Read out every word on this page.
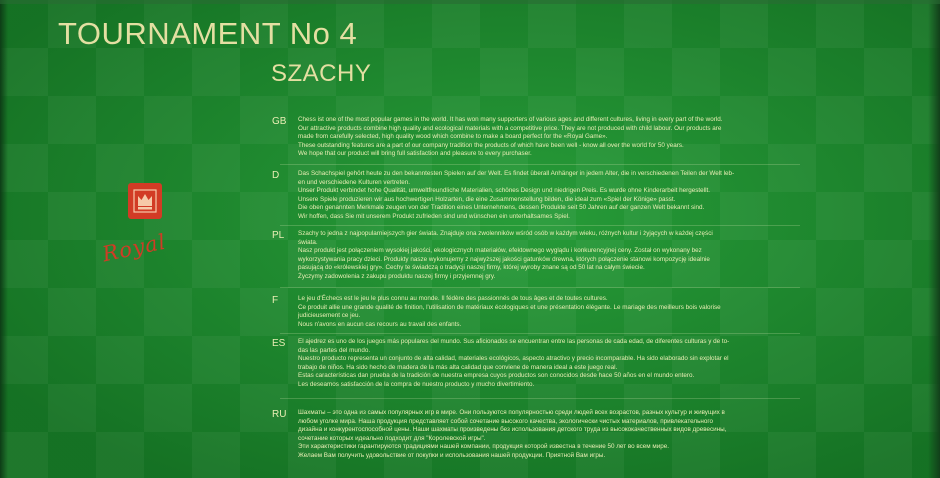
TOURNAMENT No 4
SZACHY
Royal
GB Chess ist one of the most popular games in the world. It has won many supporters of various ages and different cultures, living in every part of the world.
Our attractive products combine high quality and ecological materials with a competitive price. They are not produced with child labour. Our products are
made from carefully selected, high quality wood which combine to make a board perfect for the «Royal Game».
These outstanding features are a part of our company tradition the products of which have been well - know all over the world for 50 years.
We hope that our product will bring full satisfaction and pleasure to every purchaser.
D	Das Schachspiel gehört heute zu den bekanntesten Spielen auf der Welt. Es findet überall Anhänger in jedem Alter, die in verschiedenen Teilen der Welt leb-
en und verschiedene Kulturen vertreten.
Unser Produkt verbindet hohe Qualität, umweltfreundliche Materialien, schönes Design und niedrigen Preis. Es wurde ohne Kinderarbeit hergestellt.
Unsere Spiele produzieren wir aus hochwertigen Holzarten, die eine Zusammenstellung bilden, die ideal zum «Spiel der Könige» passt.
Die oben genannten Merkmale zeugen von der Tradition eines Unternehmens, dessen Produkte seit 50 Jahren auf der ganzen Welt bekannt sind.
Wir hoffen, dass Sie mit unserem Produkt zufrieden sind und wünschen ein unterhaltsames Spiel.
PL Szachy to jedna z najpopularniejszych gier świata. Znajduje ona zwolenników wśród osób w każdym wieku, różnych kultur i żyjących w każdej części
świata.
Nasz produkt jest połączeniem wysokiej jakości, ekologicznych materiałów, efektownego wyglądu i konkurencyjnej ceny. Został on wykonany bez
wykorzystywania pracy dzieci. Produkty nasze wykonujemy z najwyższej jakości gatunków drewna, których połączenie stanowi kompozycję idealnie
pasującą do «królewskiej gry». Cechy te świadczą o tradycji naszej firmy, której wyroby znane są od 50 lat na całym świecie.
Życzymy zadowolenia z zakupu produktu naszej firmy i przyjemnej gry.
F	Le jeu d'Échecs est le jeu le plus connu au monde. Il fédère des passionnés de tous âges et de toutes cultures.
Ce produit allie une grande qualité de finition, l'utilisation de matériaux écologiques et une présentation élégante. Le mariage des meilleurs bois valorise
judicieusement ce jeu.
Nous n'avons en aucun cas recours au travail des enfants.
ES El ajedrez es uno de los juegos más populares del mundo. Sus aficionados se encuentran entre las personas de cada edad, de diferentes culturas y de to-
das las partes del mundo.
Nuestro producto representa un conjunto de alta calidad, materiales ecológicos, aspecto atractivo y precio incomparable. Ha sido elaborado sin explotar el
trabajo de niños. Ha sido hecho de madera de la más alta calidad que conviene de manera ideal a este juego real.
Estas características dan prueba de la tradición de nuestra empresa cuyos productos son conocidos desde hace 50 años en el mundo entero.
Les deseamos satisfacción de la compra de nuestro producto y mucho divertimiento.
RU Шахматы – это одна из самых популярных игр в мире. Они пользуются популярностью среди людей всех возрастов, разных культур и живущих в
любом уголке мира. Наша продукция представляет собой сочетание высокого качества, экологически чистых материалов, привлекательного
дизайна и конкурентоспособной цены. Наши шахматы произведены без использования детского труда из высококачественных видов древесины,
сочетание которых идеально подходит для "Королевской игры".
Эти характеристики гарантируются традициями нашей компании, продукция которой известна в течение 50 лет во всем мире.
Желаем Вам получить удовольствие от покупки и использования нашей продукции. Приятной Вам игры.
